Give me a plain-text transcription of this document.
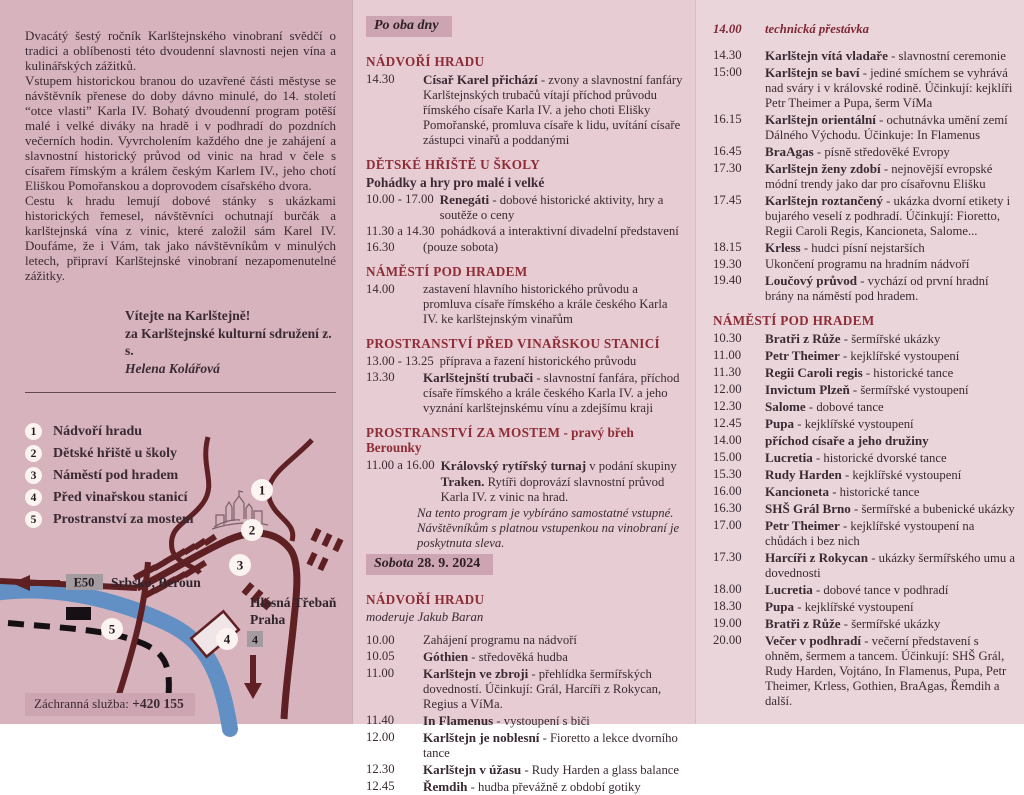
Dvacátý šestý ročník Karlštejnského vinobraní svědčí o tradici a oblíbenosti této dvoudenní slavnosti nejen vína a kulinářských zážitků.

Vstupem historickou branou do uzavřené části městyse se návštěvník přenese do doby dávno minulé, do 14. století “otce vlasti” Karla IV. Bohatý dvoudenní program potěší malé i velké diváky na hradě i v podhradí do pozdních večerních hodin. Vyvrcholením každého dne je zahájení a slavnostní historický průvod od vinic na hrad v čele s císařem římským a králem českým Karlem IV., jeho chotí Eliškou Pomořanskou a doprovodem císařského dvora.

Cestu k hradu lemují dobové stánky s ukázkami historických řemesel, návštěvníci ochutnají burčák a karlštejnská vína z vinic, které založil sám Karel IV. Doufáme, že i Vám, tak jako návštěvníkům v minulých letech, připraví Karlštejnské vinobraní nezapomenutelné zážitky.

Vítejte na Karlštejně!
za Karlštejnské kulturní sdružení z. s.
Helena Kolářová
1	Nádvoří hradu
2	Dětské hřiště u školy
3	Náměstí pod hradem
4	Před vinařskou stanicí
5	Prostranství za mostem
E50 Srbsko, Beroun
Hlásná Třebaň
Praha
4
1
2
3
4
5
Záchranná služba: +420 155
Po oba dny
NÁDVOŘÍ HRADU
14.30	Císař Karel přichází - zvony a slavnostní fanfáry Karlštejnských trubačů vítají příchod průvodu římského císaře Karla IV. a jeho choti Elišky Pomořanské, promluva císaře k lidu, uvítání císaře zástupci vinařů a poddanými
DĚTSKÉ HŘIŠTĚ U ŠKOLY
Pohádky a hry pro malé i velké
10.00 - 17.00 Renegáti - dobové historické aktivity, hry a soutěže o ceny
11.30 a 14.30 pohádková a interaktivní divadelní představení
16.30	(pouze sobota)
NÁMĚSTÍ POD HRADEM
14.00	zastavení hlavního historického průvodu a promluva císaře římského a krále českého Karla IV. ke karlštejnským vinařům
PROSTRANSTVÍ PŘED VINAŘSKOU STANICÍ
13.00 - 13.25 příprava a řazení historického průvodu
13.30	Karlštejnští trubači - slavnostní fanfára, příchod císaře římského a krále českého Karla IV. a jeho vyznání karlštejnskému vínu a zdejšímu kraji
PROSTRANSTVÍ ZA MOSTEM - pravý břeh Berounky
11.00 a 16.00 Královský rytířský turnaj v podání skupiny Traken. Rytíři doprovází slavnostní průvod Karla IV. z vinic na hrad.
Na tento program je vybíráno samostatné vstupné. Návštěvníkům s platnou vstupenkou na vinobraní je poskytnuta sleva.
Sobota 28. 9. 2024
NÁDVOŘÍ HRADU
moderuje Jakub Baran
10.00	Zahájení programu na nádvoří
10.05	Góthien - středověká hudba
11.00	Karlštejn ve zbroji - přehlídka šermířských dovedností. Účinkují: Grál, Harcíři z Rokycan, Regius a VíMa.
11.40	In Flamenus - vystoupení s biči
12.00	Karlštejn je noblesní - Fioretto a lekce dvorního tance
12.30	Karlštejn v úžasu - Rudy Harden a glass balance
12.45	Řemdih - hudba převážně z období gotiky
14.00	technická přestávka
14.30	Karlštejn vítá vladaře - slavnostní ceremonie
15:00	Karlštejn se baví - jediné smíchem se vyhrává nad sváry i v královské rodině. Účinkují: kejklíři Petr Theimer a Pupa, šerm VíMa
16.15	Karlštejn orientální - ochutnávka umění zemí Dálného Východu. Účinkuje: In Flamenus
16.45	BraAgas - písně středověké Evropy
17.30	Karlštejn ženy zdobí - nejnovější evropské módní trendy jako dar pro císařovnu Elišku
17.45	Karlštejn roztančený - ukázka dvorní etikety i bujarého veselí z podhradí. Účinkují: Fioretto, Regii Caroli Regis, Kancioneta, Salome...
18.15	Krless - hudci písní nejstarších
19.30	Ukončení programu na hradním nádvoří
19.40	Loučový průvod - vychází od první hradní brány na náměstí pod hradem.
NÁMĚSTÍ POD HRADEM
10.30	Bratři z Růže - šermířské ukázky
11.00	Petr Theimer - kejklířské vystoupení
11.30	Regii Caroli regis - historické tance
12.00	Invictum Plzeň - šermířské vystoupení
12.30	Salome - dobové tance
12.45	Pupa - kejklířské vystoupení
14.00	příchod císaře a jeho družiny
15.00	Lucretia - historické dvorské tance
15.30	Rudy Harden - kejklířské vystoupení
16.00	Kancioneta - historické tance
16.30	SHŠ Grál Brno - šermířské a bubenické ukázky
17.00	Petr Theimer - kejklířské vystoupení na chůdách i bez nich
17.30	Harcíři z Rokycan - ukázky šermířského umu a dovednosti
18.00	Lucretia - dobové tance v podhradí
18.30	Pupa - kejklířské vystoupení
19.00	Bratři z Růže - šermířské ukázky
20.00	Večer v podhradí - večerní představení s ohněm, šermem a tancem. Účinkují: SHŠ Grál, Rudy Harden, Vojtáno, In Flamenus, Pupa, Petr Theimer, Krless, Gothien, BraAgas, Řemdih a další.
